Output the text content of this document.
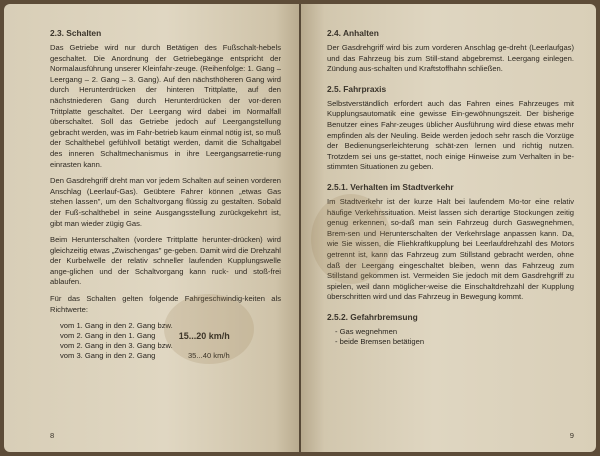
2.3. Schalten

Das Getriebe wird nur durch Betätigen des Fußschalt-hebels geschaltet. Die Anordnung der Getriebegänge entspricht der Normalausführung unserer Kleinfahr-zeuge. (Reihenfolge: 1. Gang – Leergang – 2. Gang – 3. Gang). Auf den nächsthöheren Gang wird durch Herunterdrücken der hinteren Trittplatte, auf den nächstniederen Gang durch Herunterdrücken der vor-deren Trittplatte geschaltet. Der Leergang wird dabei im Normalfall überschaltet. Soll das Getriebe jedoch auf Leergangstellung gebracht werden, was im Fahr-betrieb kaum einmal nötig ist, so muß der Schalthebel gefühlvoll betätigt werden, damit die Schaltgabel des inneren Schaltmechanismus in ihre Leergangsarretie-rung einrasten kann.

Den Gasdrehgriff dreht man vor jedem Schalten auf seinen vorderen Anschlag (Leerlauf-Gas). Geübtere Fahrer können „etwas Gas stehen lassen", um den Schaltvorgang flüssig zu gestalten. Sobald der Fuß-schalthebel in seine Ausgangsstellung zurückgekehrt ist, gibt man wieder zügig Gas.

Beim Herunterschalten (vordere Trittplatte herunter-drücken) wird gleichzeitig etwas „Zwischengas" ge-geben. Damit wird die Drehzahl der Kurbelwelle der relativ schneller laufenden Kupplungswelle ange-glichen und der Schaltvorgang kann ruck- und stoß-frei ablaufen.

Für das Schalten gelten folgende Fahrgeschwindig-keiten als Richtwerte:

vom 1. Gang in den 2. Gang bzw.	
vom 2. Gang in den 1. Gang	15...20 km/h
vom 2. Gang in den 3. Gang bzw.	
vom 3. Gang in den 2. Gang	35...40 km/h
8
2.4. Anhalten

Der Gasdrehgriff wird bis zum vorderen Anschlag ge-dreht (Leerlaufgas) und das Fahrzeug bis zum Still-stand abgebremst. Leergang einlegen. Zündung aus-schalten und Kraftstoffhahn schließen.

2.5. Fahrpraxis

Selbstverständlich erfordert auch das Fahren eines Fahrzeuges mit Kupplungsautomatik eine gewisse Ein-gewöhnungszeit. Der bisherige Benutzer eines Fahr-zeuges üblicher Ausführung wird diese etwas mehr empfinden als der Neuling. Beide werden jedoch sehr rasch die Vorzüge der Bedienungserleichterung schät-zen lernen und richtig nutzen. Trotzdem sei uns ge-stattet, noch einige Hinweise zum Verhalten in be-stimmten Situationen zu geben.

2.5.1. Verhalten im Stadtverkehr

Im Stadtverkehr ist der kurze Halt bei laufendem Mo-tor eine relativ häufige Verkehrssituation. Meist lassen sich derartige Stockungen zeitig genug erkennen, so-daß man sein Fahrzeug durch Gaswegnehmen, Brem-sen und Herunterschalten der Verkehrslage anpassen kann. Da, wie Sie wissen, die Fliehkraftkupplung bei Leerlaufdrehzahl des Motors getrennt ist, kann das Fahrzeug zum Stillstand gebracht werden, ohne daß der Leergang eingeschaltet bleiben, wenn das Fahrzeug zum Stillstand gekommen ist. Vermeiden Sie jedoch mit dem Gasdrehgriff zu spielen, weil dann möglicher-weise die Einschaltdrehzahl der Kupplung überschritten wird und das Fahrzeug in Bewegung kommt.

2.5.2. Gefahrbremsung
- Gas wegnehmen
- beide Bremsen betätigen
9
